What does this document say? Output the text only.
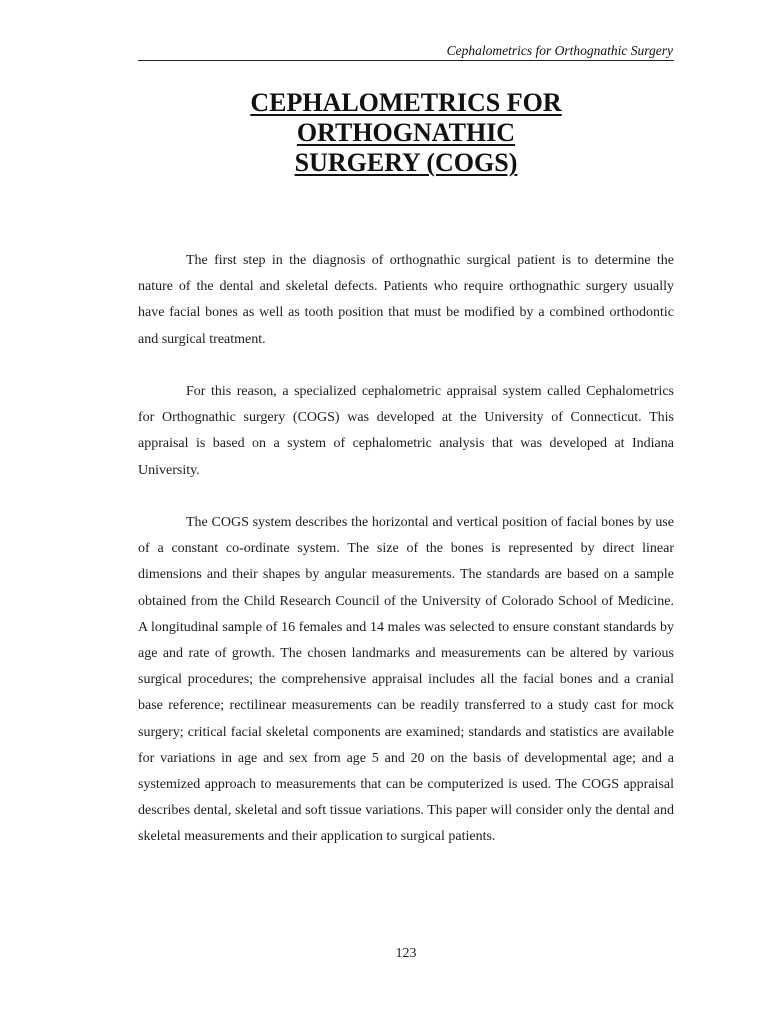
Cephalometrics for Orthognathic Surgery
CEPHALOMETRICS FOR
ORTHOGNATHIC
SURGERY (COGS)

The first step in the diagnosis of orthognathic surgical patient is to determine the nature of the dental and skeletal defects. Patients who require orthognathic surgery usually have facial bones as well as tooth position that must be modified by a combined orthodontic and surgical treatment.

For this reason, a specialized cephalometric appraisal system called Cephalometrics for Orthognathic surgery (COGS) was developed at the University of Connecticut. This appraisal is based on a system of cephalometric analysis that was developed at Indiana University.

The COGS system describes the horizontal and vertical position of facial bones by use of a constant co-ordinate system. The size of the bones is represented by direct linear dimensions and their shapes by angular measurements. The standards are based on a sample obtained from the Child Research Council of the University of Colorado School of Medicine. A longitudinal sample of 16 females and 14 males was selected to ensure constant standards by age and rate of growth. The chosen landmarks and measurements can be altered by various surgical procedures; the comprehensive appraisal includes all the facial bones and a cranial base reference; rectilinear measurements can be readily transferred to a study cast for mock surgery; critical facial skeletal components are examined; standards and statistics are available for variations in age and sex from age 5 and 20 on the basis of developmental age; and a systemized approach to measurements that can be computerized is used. The COGS appraisal describes dental, skeletal and soft tissue variations. This paper will consider only the dental and skeletal measurements and their application to surgical patients.

123
